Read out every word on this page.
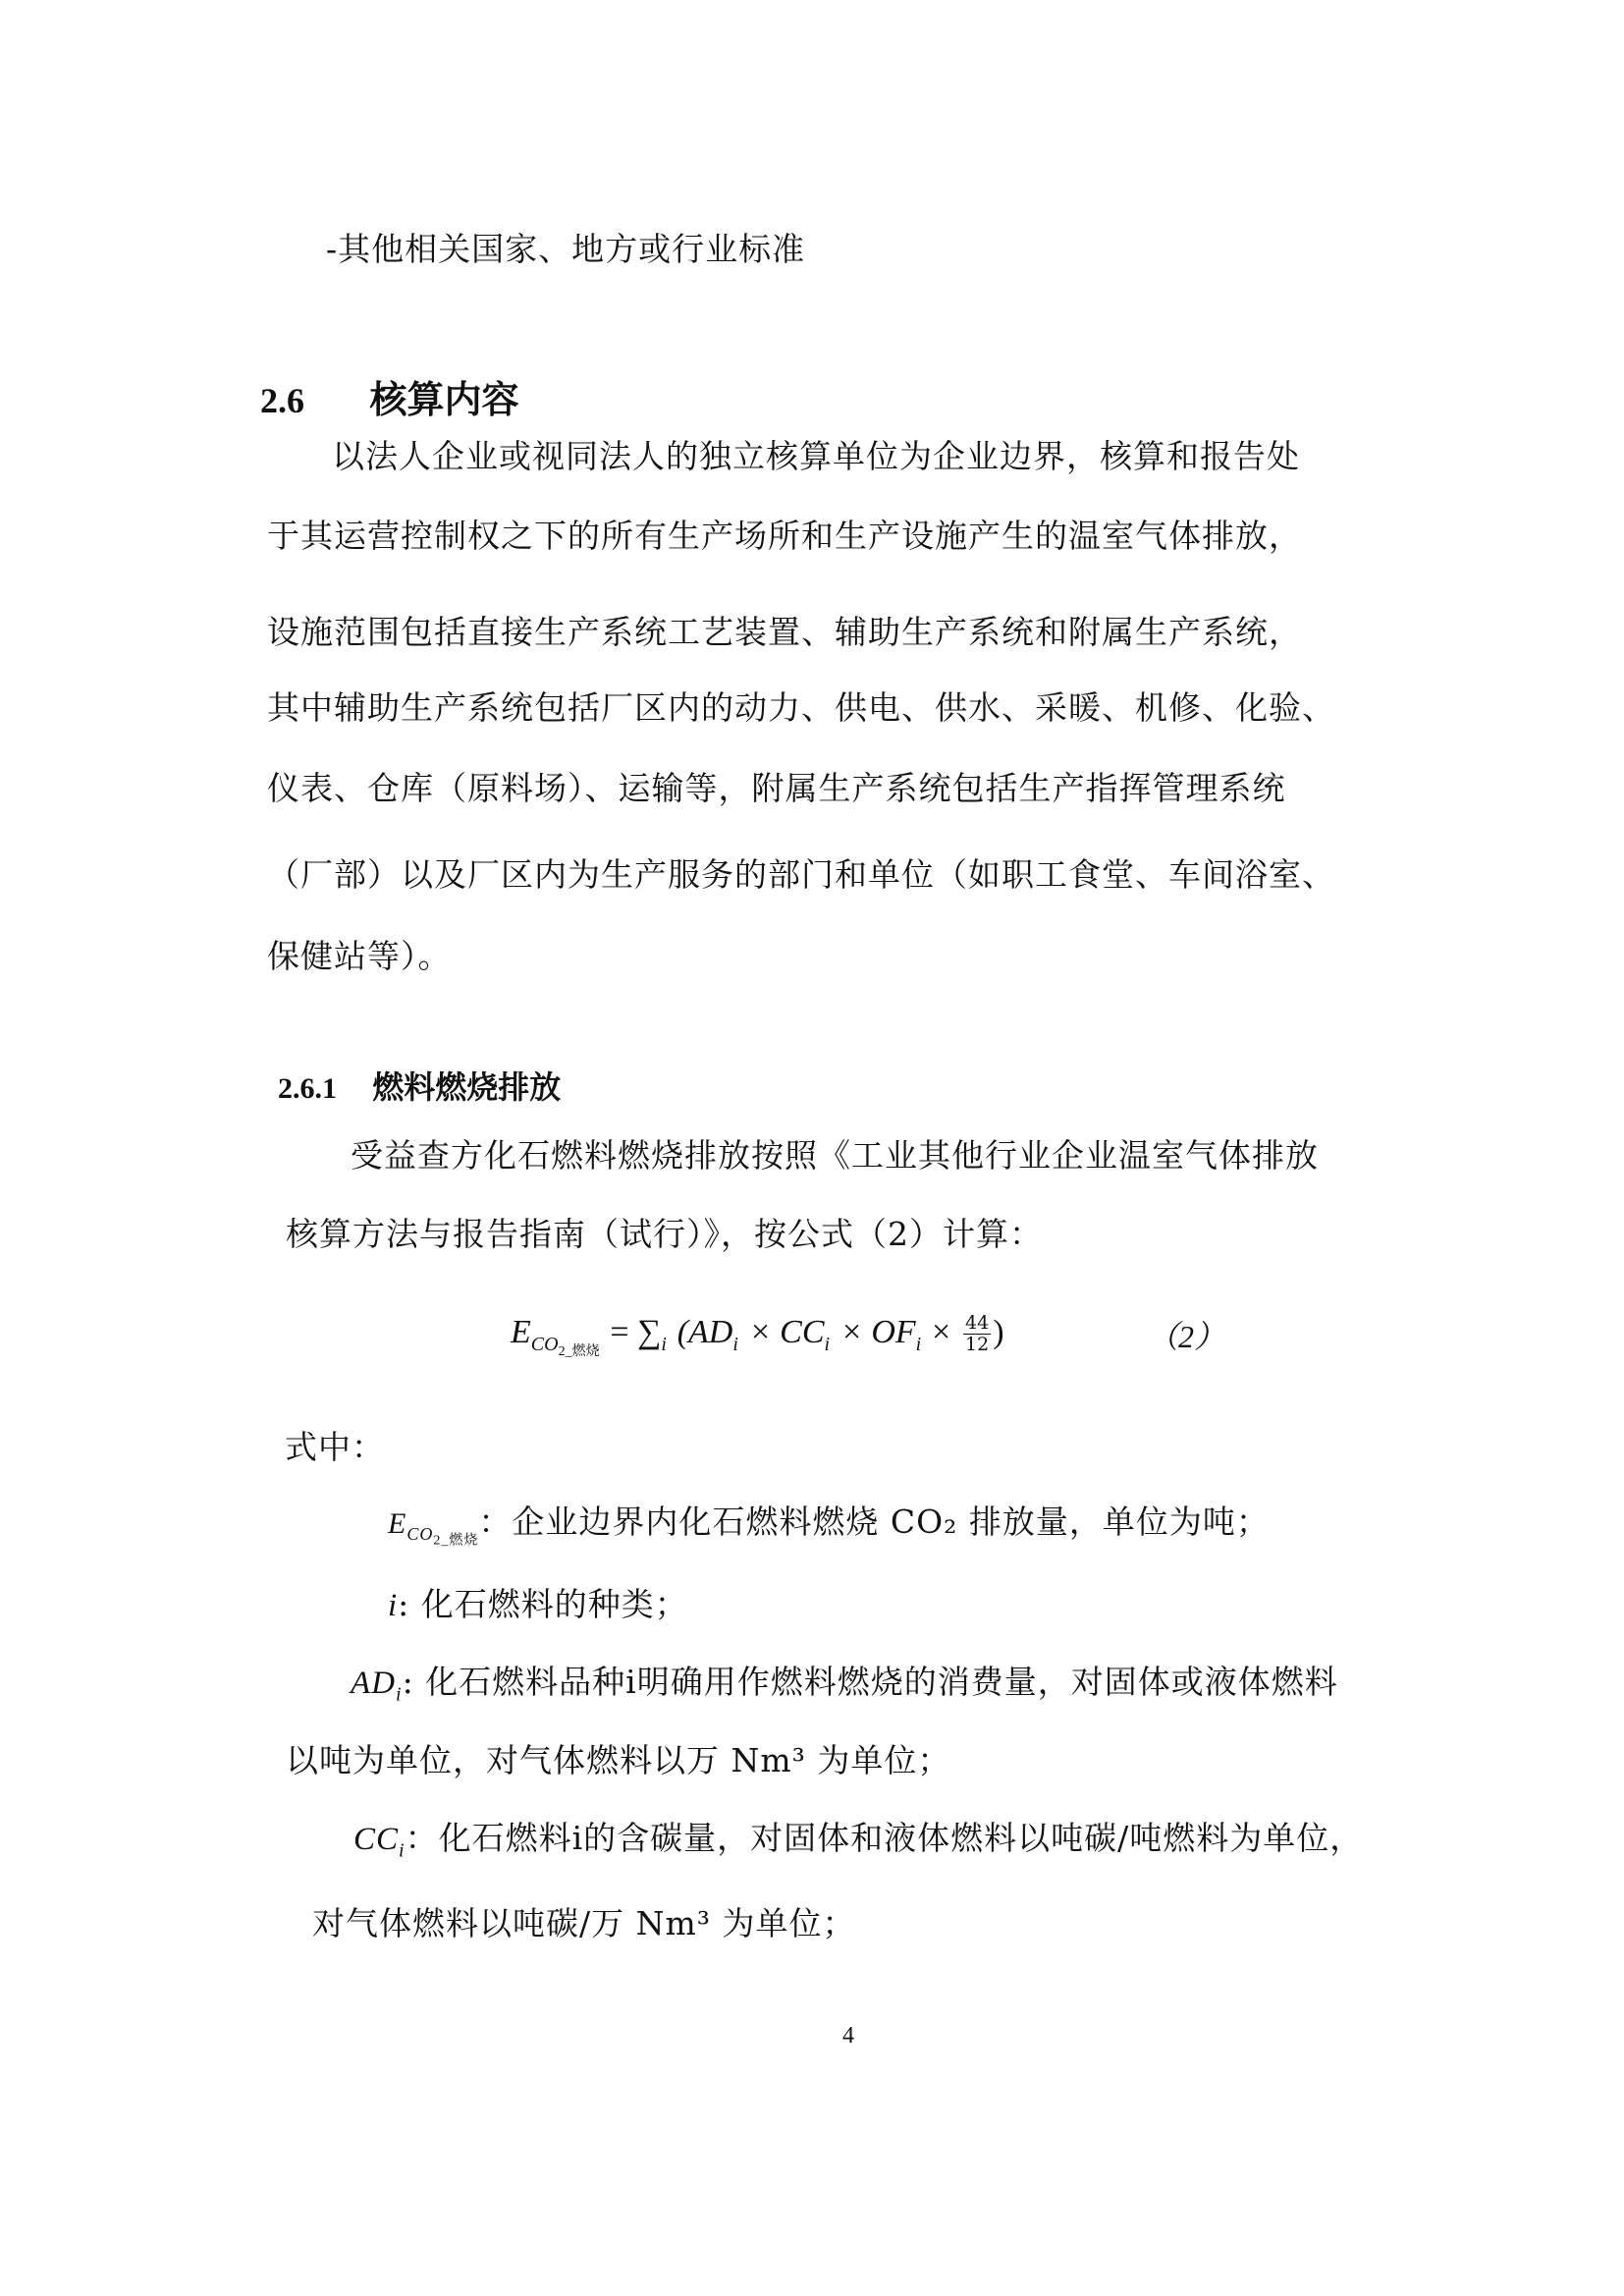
-其他相关国家、地方或行业标准
2.6 核算内容
以法人企业或视同法人的独立核算单位为企业边界，核算和报告处
于其运营控制权之下的所有生产场所和生产设施产生的温室气体排放，
设施范围包括直接生产系统工艺装置、辅助生产系统和附属生产系统，
其中辅助生产系统包括厂区内的动力、供电、供水、采暖、机修、化验、
仪表、仓库（原料场）、运输等，附属生产系统包括生产指挥管理系统
（厂部）以及厂区内为生产服务的部门和单位（如职工食堂、车间浴室、
保健站等）。
2.6.1 燃料燃烧排放
受益查方化石燃料燃烧排放按照《工业其他行业企业温室气体排放
核算方法与报告指南（试行）》，按公式（2）计算：
$E_{CO_{2\_燃烧}} = \sum_i$ ($AD_i \times CC_i \times OF_i \times \frac{44}{12}$ )	（2）
式中：
$E_{CO_{2\_燃烧}}$：企业边界内化石燃料燃烧 CO₂ 排放量，单位为吨；
i: 化石燃料的种类；
$AD_i$: 化石燃料品种i明确用作燃料燃烧的消费量，对固体或液体燃料
以吨为单位，对气体燃料以万 Nm³ 为单位；
$CC_i$：化石燃料i的含碳量，对固体和液体燃料以吨碳/吨燃料为单位，
对气体燃料以吨碳/万 Nm³ 为单位；
4
